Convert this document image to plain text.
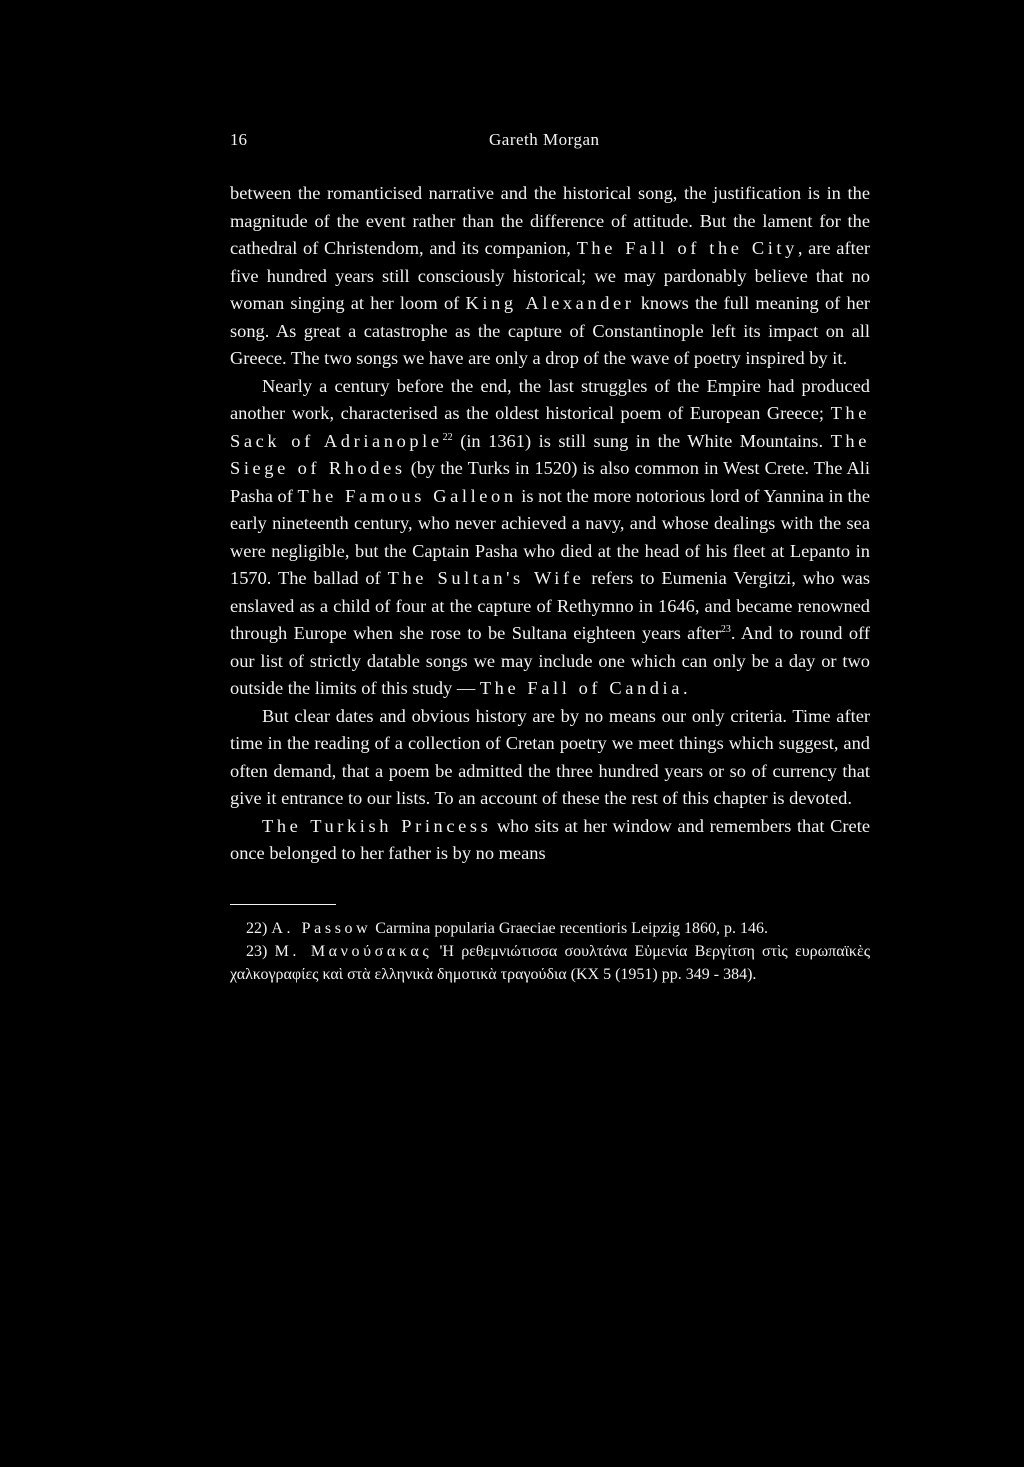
16	Gareth Morgan

between the romanticised narrative and the historical song, the justification is in the magnitude of the event rather than the difference of attitude. But the lament for the cathedral of Christendom, and its companion, The Fall of the City, are after five hundred years still consciously historical; we may pardonably believe that no woman singing at her loom of King Alexander knows the full meaning of her song. As great a catastrophe as the capture of Constantinople left its impact on all Greece. The two songs we have are only a drop of the wave of poetry inspired by it.

Nearly a century before the end, the last struggles of the Empire had produced another work, characterised as the oldest historical poem of European Greece; The Sack of Adrianople$^{22}$ (in 1361) is still sung in the White Mountains. The Siege of Rhodes (by the Turks in 1520) is also common in West Crete. The Ali Pasha of The Famous Galleon is not the more notorious lord of Yannina in the early nineteenth century, who never achieved a navy, and whose dealings with the sea were negligible, but the Captain Pasha who died at the head of his fleet at Lepanto in 1570. The ballad of The Sultan's Wife refers to Eumenia Vergitzi, who was enslaved as a child of four at the capture of Rethymno in 1646, and became renowned through Europe when she rose to be Sultana eighteen years after$^{23}$. And to round off our list of strictly datable songs we may include one which can only be a day or two outside the limits of this study — The Fall of Candia.

But clear dates and obvious history are by no means our only criteria. Time after time in the reading of a collection of Cretan poetry we meet things which suggest, and often demand, that a poem be admitted the three hundred years or so of currency that give it entrance to our lists. To an account of these the rest of this chapter is devoted.

The Turkish Princess who sits at her window and remembers that Crete once belonged to her father is by no means

22) A. Passow Carmina popularia Graeciae recentioris Leipzig 1860, p. 146.

23) M. Μανούσακας 'Η ρεθεμνιώτισσα σουλτάνα Εὐμενία Βεργίτση στὶς ευρωπαϊκὲς χαλκογραφίες καὶ στὰ ελληνικὰ δημοτικὰ τραγούδια (ΚΧ 5 (1951) pp. 349 - 384).
